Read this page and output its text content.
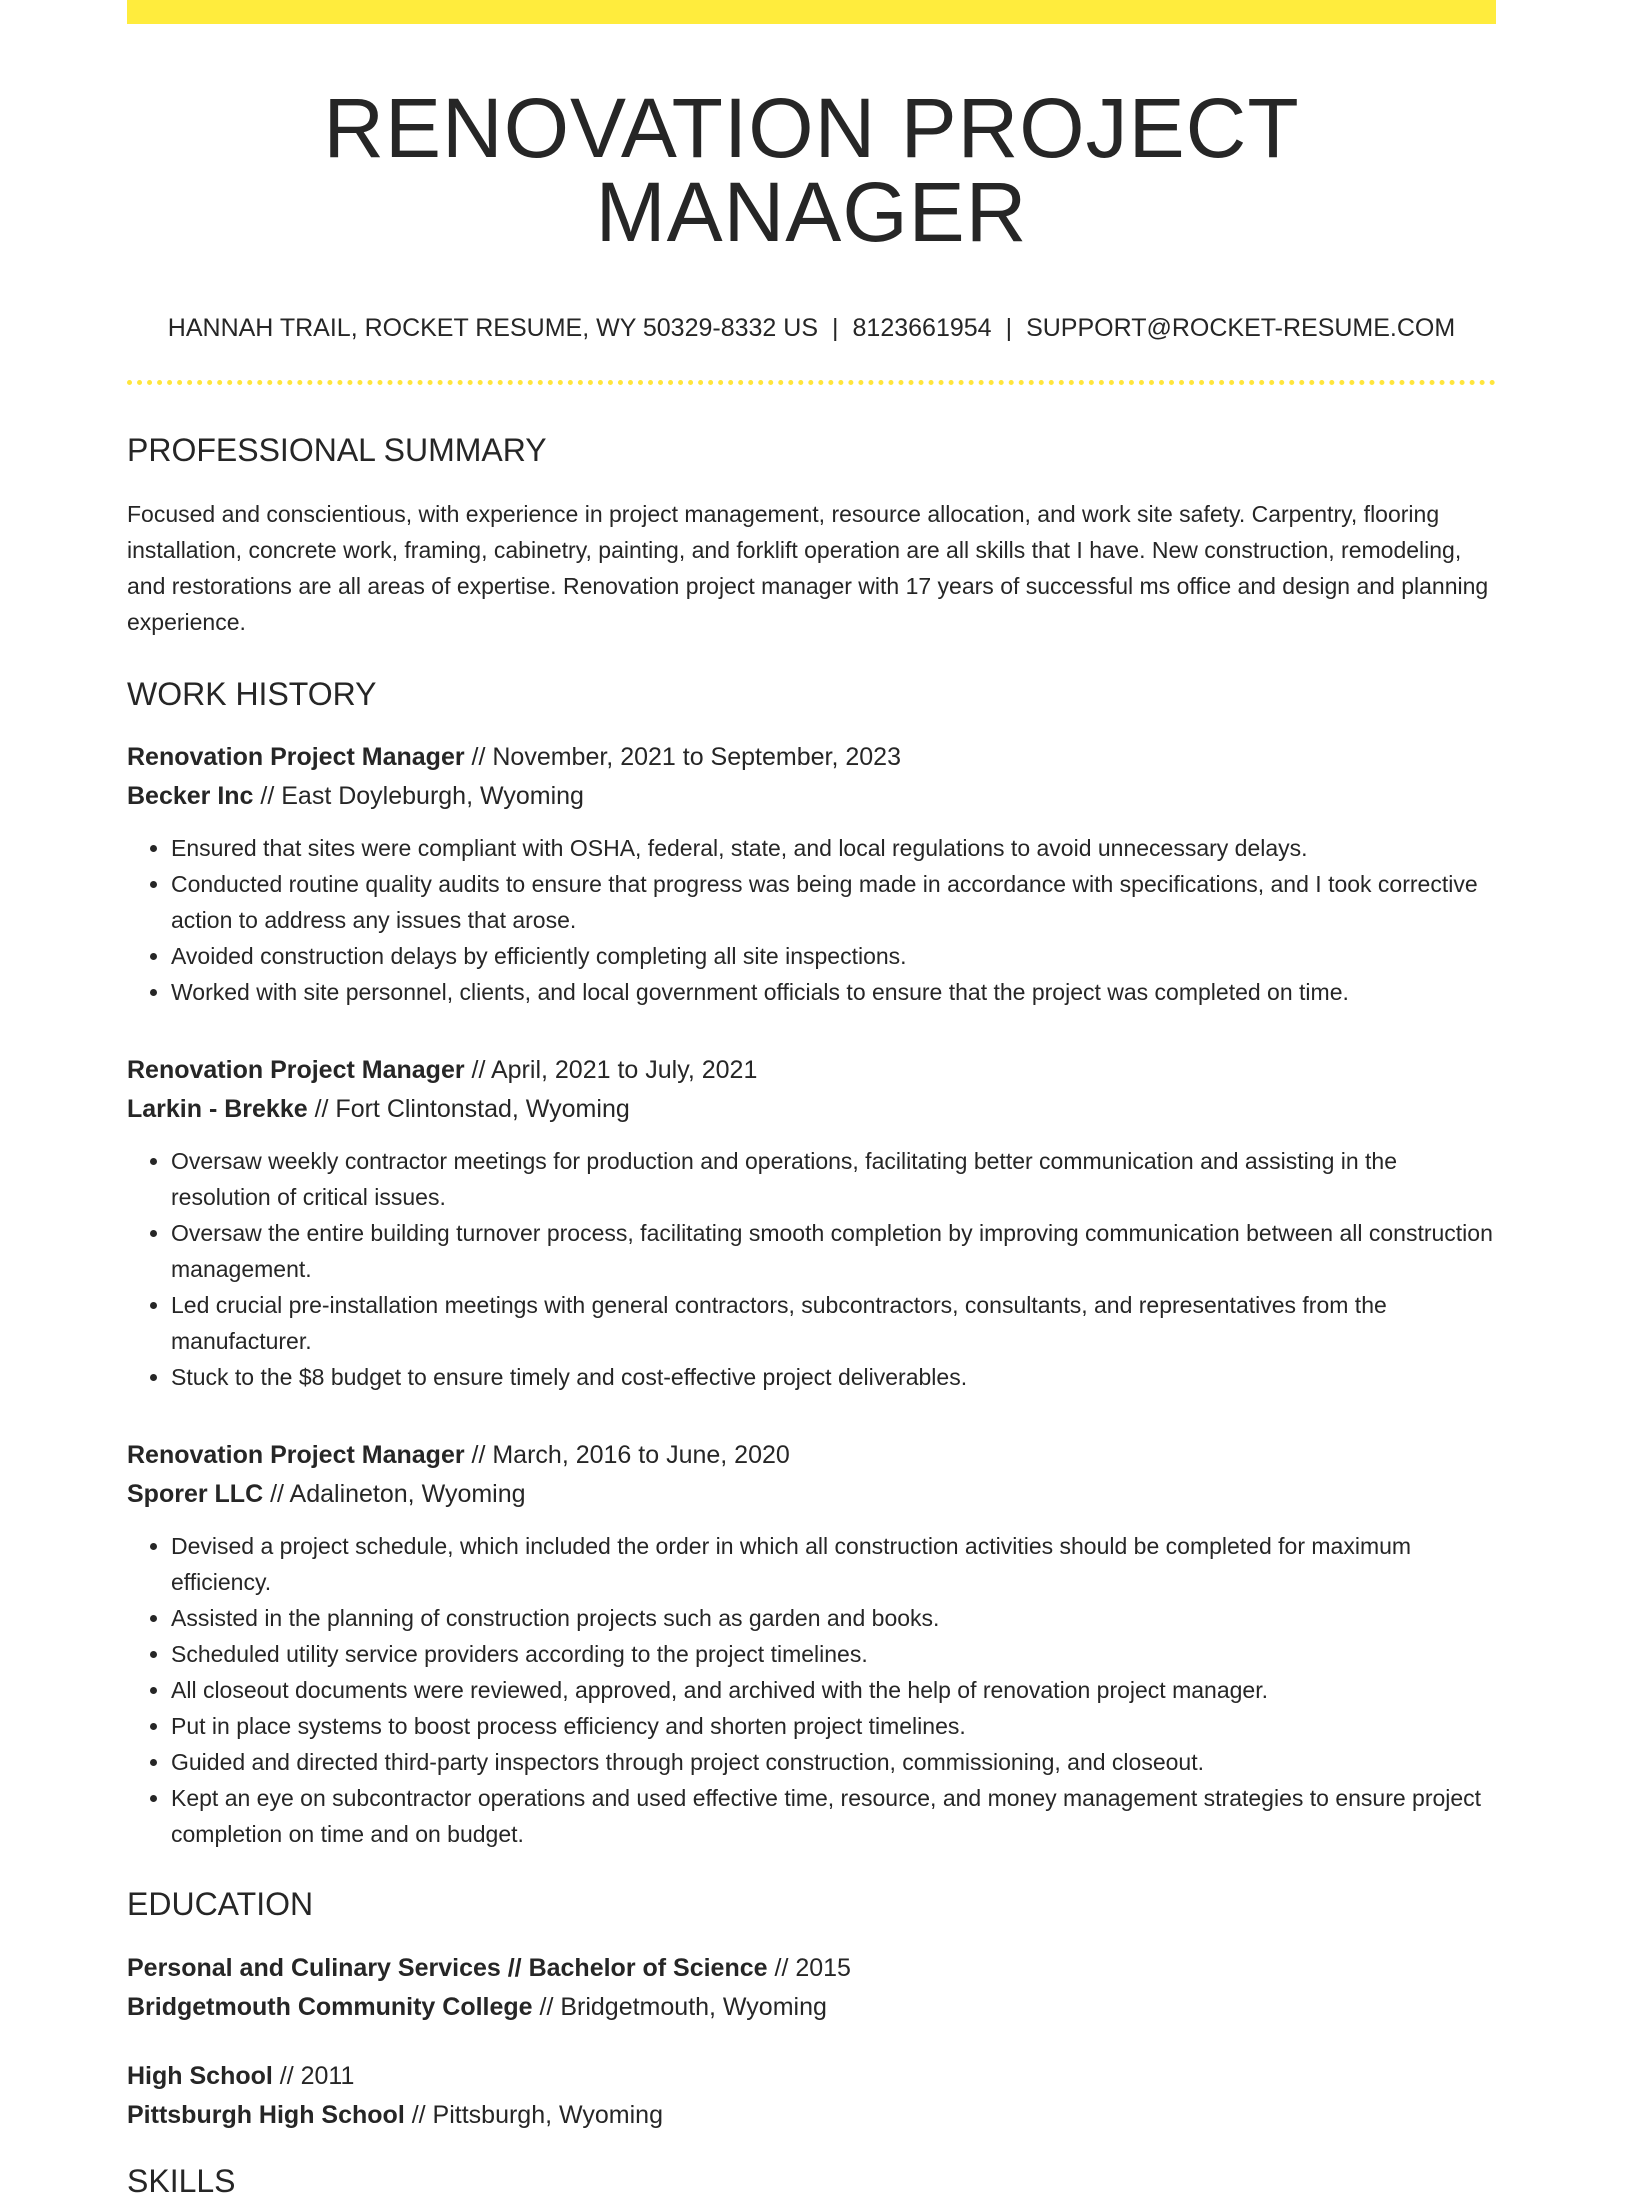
RENOVATION PROJECT MANAGER
HANNAH TRAIL, ROCKET RESUME, WY 50329-8332 US | 8123661954 | SUPPORT@ROCKET-RESUME.COM
PROFESSIONAL SUMMARY
Focused and conscientious, with experience in project management, resource allocation, and work site safety. Carpentry, flooring installation, concrete work, framing, cabinetry, painting, and forklift operation are all skills that I have. New construction, remodeling, and restorations are all areas of expertise. Renovation project manager with 17 years of successful ms office and design and planning experience.
WORK HISTORY
Renovation Project Manager // November, 2021 to September, 2023
Becker Inc // East Doyleburgh, Wyoming
• Ensured that sites were compliant with OSHA, federal, state, and local regulations to avoid unnecessary delays.
• Conducted routine quality audits to ensure that progress was being made in accordance with specifications, and I took corrective action to address any issues that arose.
• Avoided construction delays by efficiently completing all site inspections.
• Worked with site personnel, clients, and local government officials to ensure that the project was completed on time.
Renovation Project Manager // April, 2021 to July, 2021
Larkin - Brekke // Fort Clintonstad, Wyoming
• Oversaw weekly contractor meetings for production and operations, facilitating better communication and assisting in the resolution of critical issues.
• Oversaw the entire building turnover process, facilitating smooth completion by improving communication between all construction management.
• Led crucial pre-installation meetings with general contractors, subcontractors, consultants, and representatives from the manufacturer.
• Stuck to the $8 budget to ensure timely and cost-effective project deliverables.
Renovation Project Manager // March, 2016 to June, 2020
Sporer LLC // Adalineton, Wyoming
• Devised a project schedule, which included the order in which all construction activities should be completed for maximum efficiency.
• Assisted in the planning of construction projects such as garden and books.
• Scheduled utility service providers according to the project timelines.
• All closeout documents were reviewed, approved, and archived with the help of renovation project manager.
• Put in place systems to boost process efficiency and shorten project timelines.
• Guided and directed third-party inspectors through project construction, commissioning, and closeout.
• Kept an eye on subcontractor operations and used effective time, resource, and money management strategies to ensure project completion on time and on budget.
EDUCATION
Personal and Culinary Services // Bachelor of Science // 2015
Bridgetmouth Community College // Bridgetmouth, Wyoming
High School // 2011
Pittsburgh High School // Pittsburgh, Wyoming
SKILLS
